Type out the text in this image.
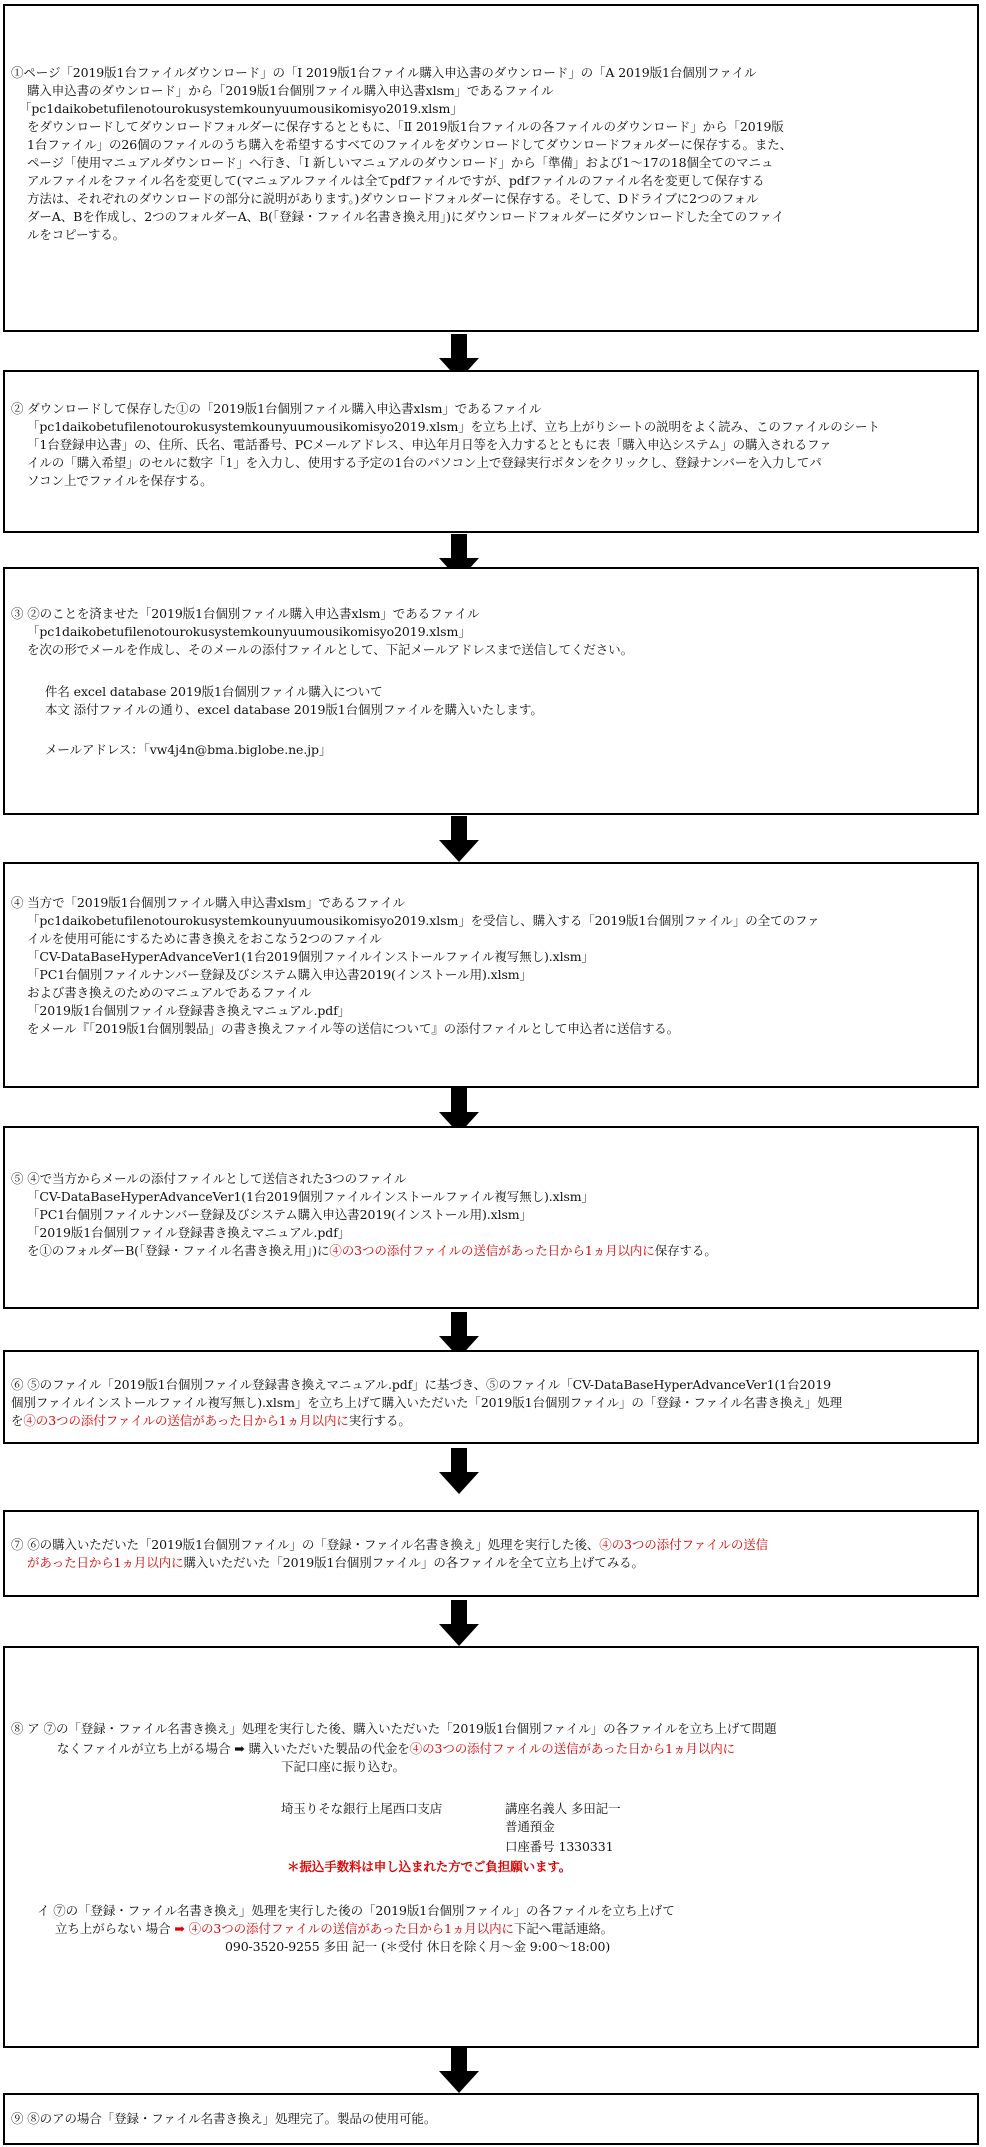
①ページ「2019版1台ファイルダウンロード」の「Ⅰ 2019版1台ファイル購入申込書のダウンロード」の「A 2019版1台個別ファイル
購入申込書のダウンロード」から「2019版1台個別ファイル購入申込書xlsm」であるファイル
「pc1daikobetufilenotourokusystemkounyuumousikomisyo2019.xlsm」
をダウンロードしてダウンロードフォルダーに保存するとともに、「Ⅱ 2019版1台ファイルの各ファイルのダウンロード」から「2019版
1台ファイル」の26個のファイルのうち購入を希望するすべてのファイルをダウンロードしてダウンロードフォルダーに保存する。また、
ページ「使用マニュアルダウンロード」へ行き、「Ⅰ 新しいマニュアルのダウンロード」から「準備」および1～17の18個全てのマニュ
アルファイルをファイル名を変更して(マニュアルファイルは全てpdfファイルですが、pdfファイルのファイル名を変更して保存する
方法は、それぞれのダウンロードの部分に説明があります。)ダウンロードフォルダーに保存する。そして、Dドライブに2つのフォル
ダーA、Bを作成し、2つのフォルダーA、B(「登録・ファイル名書き換え用」)にダウンロードフォルダーにダウンロードした全てのファイ
ルをコピーする。
② ダウンロードして保存した①の「2019版1台個別ファイル購入申込書xlsm」であるファイル
「pc1daikobetufilenotourokusystemkounyuumousikomisyo2019.xlsm」を立ち上げ、立ち上がりシートの説明をよく読み、このファイルのシート
「1台登録申込書」の、住所、氏名、電話番号、PCメールアドレス、申込年月日等を入力するとともに表「購入申込システム」の購入されるファ
イルの「購入希望」のセルに数字「1」を入力し、使用する予定の1台のパソコン上で登録実行ボタンをクリックし、登録ナンバーを入力してパ
ソコン上でファイルを保存する。
③ ②のことを済ませた「2019版1台個別ファイル購入申込書xlsm」であるファイル
「pc1daikobetufilenotourokusystemkounyuumousikomisyo2019.xlsm」
を次の形でメールを作成し、そのメールの添付ファイルとして、下記メールアドレスまで送信してください。
件名 excel database 2019版1台個別ファイル購入について
本文 添付ファイルの通り、excel database 2019版1台個別ファイルを購入いたします。
メールアドレス：「vw4j4n@bma.biglobe.ne.jp」
④ 当方で「2019版1台個別ファイル購入申込書xlsm」であるファイル
「pc1daikobetufilenotourokusystemkounyuumousikomisyo2019.xlsm」を受信し、購入する「2019版1台個別ファイル」の全てのファ
イルを使用可能にするために書き換えをおこなう2つのファイル
「CV-DataBaseHyperAdvanceVer1(1台2019個別ファイルインストールファイル複写無し).xlsm」
「PC1台個別ファイルナンバー登録及びシステム購入申込書2019(インストール用).xlsm」
および書き換えのためのマニュアルであるファイル
「2019版1台個別ファイル登録書き換えマニュアル.pdf」
をメール『「2019版1台個別製品」の書き換えファイル等の送信について』の添付ファイルとして申込者に送信する。
⑤ ④で当方からメールの添付ファイルとして送信された3つのファイル
「CV-DataBaseHyperAdvanceVer1(1台2019個別ファイルインストールファイル複写無し).xlsm」
「PC1台個別ファイルナンバー登録及びシステム購入申込書2019(インストール用).xlsm」
「2019版1台個別ファイル登録書き換えマニュアル.pdf」
を①のフォルダーB(「登録・ファイル名書き換え用」)に④の3つの添付ファイルの送信があった日から1ヵ月以内に保存する。
⑥ ⑤のファイル「2019版1台個別ファイル登録書き換えマニュアル.pdf」に基づき、⑤のファイル「CV-DataBaseHyperAdvanceVer1(1台2019
個別ファイルインストールファイル複写無し).xlsm」を立ち上げて購入いただいた「2019版1台個別ファイル」の「登録・ファイル名書き換え」処理
を④の3つの添付ファイルの送信があった日から1ヵ月以内に実行する。
⑦ ⑥の購入いただいた「2019版1台個別ファイル」の「登録・ファイル名書き換え」処理を実行した後、④の3つの添付ファイルの送信
があった日から1ヵ月以内に購入いただいた「2019版1台個別ファイル」の各ファイルを全て立ち上げてみる。
⑧ ア ⑦の「登録・ファイル名書き換え」処理を実行した後、購入いただいた「2019版1台個別ファイル」の各ファイルを立ち上げて問題
なくファイルが立ち上がる場合 ➡ 購入いただいた製品の代金を④の3つの添付ファイルの送信があった日から1ヵ月以内に
下記口座に振り込む。
埼玉りそな銀行上尾西口支店	講座名義人 多田記一
普通預金
口座番号 1330331
＊振込手数料は申し込まれた方でご負担願います。
イ ⑦の「登録・ファイル名書き換え」処理を実行した後の「2019版1台個別ファイル」の各ファイルを立ち上げて
立ち上がらない 場合 ➡ ④の3つの添付ファイルの送信があった日から1ヵ月以内に下記へ電話連絡。
090-3520-9255 多田 記一 (＊受付 休日を除く月～金 9:00～18:00)
⑨ ⑧のアの場合「登録・ファイル名書き換え」処理完了。製品の使用可能。
